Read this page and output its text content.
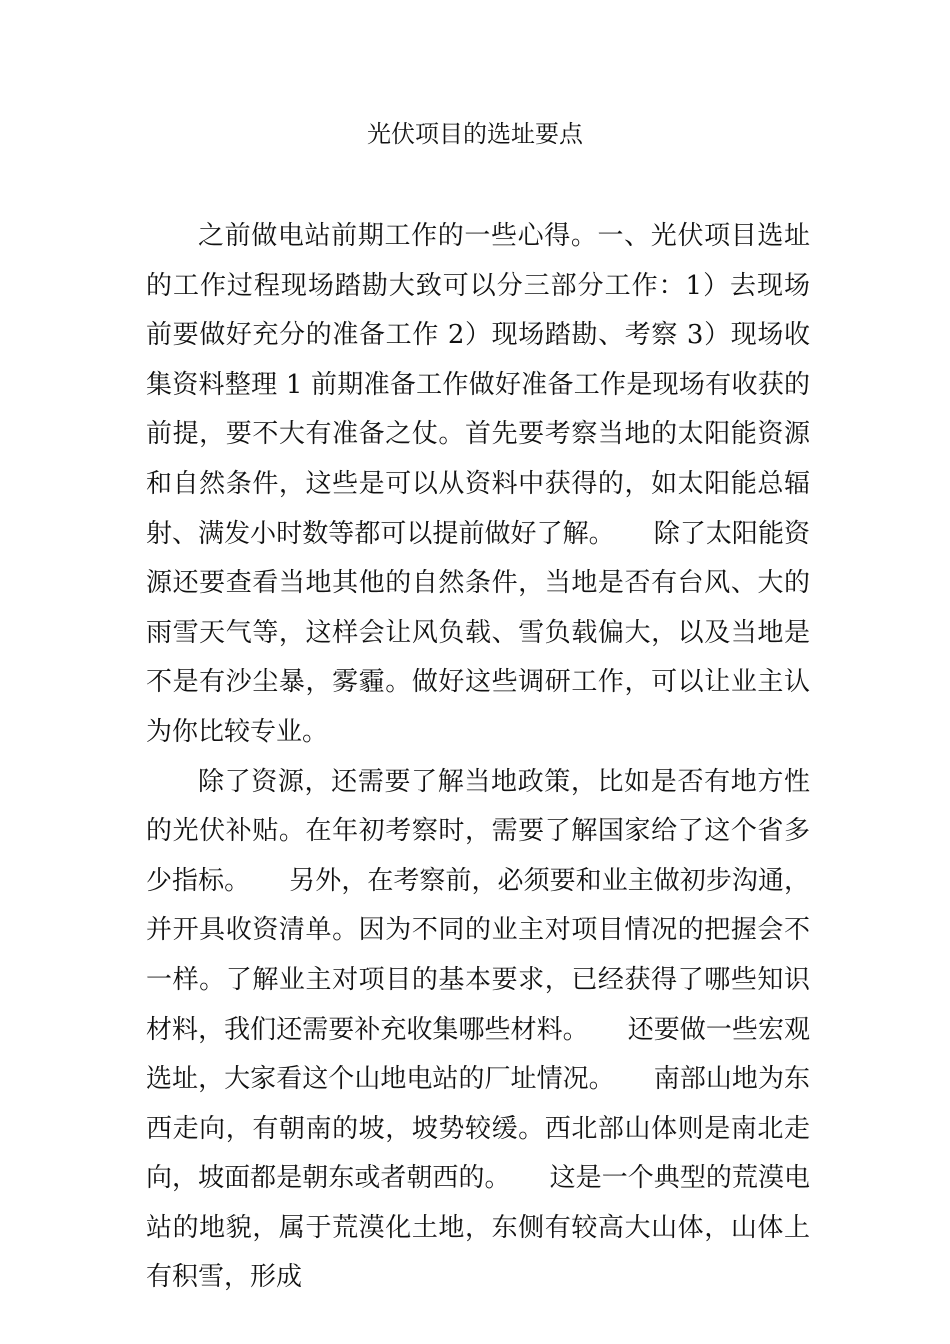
光伏项目的选址要点

之前做电站前期工作的一些心得。一、光伏项目选址的工作过程现场踏勘大致可以分三部分工作：1）去现场前要做好充分的准备工作 2）现场踏勘、考察 3）现场收集资料整理 1 前期准备工作做好准备工作是现场有收获的前提，要不大有准备之仗。首先要考察当地的太阳能资源和自然条件，这些是可以从资料中获得的，如太阳能总辐射、满发小时数等都可以提前做好了解。　　除了太阳能资源还要查看当地其他的自然条件，当地是否有台风、大的雨雪天气等，这样会让风负载、雪负载偏大，以及当地是不是有沙尘暴，雾霾。做好这些调研工作，可以让业主认为你比较专业。

除了资源，还需要了解当地政策，比如是否有地方性的光伏补贴。在年初考察时，需要了解国家给了这个省多少指标。　　另外，在考察前，必须要和业主做初步沟通，并开具收资清单。因为不同的业主对项目情况的把握会不一样。了解业主对项目的基本要求，已经获得了哪些知识材料，我们还需要补充收集哪些材料。　　还要做一些宏观选址，大家看这个山地电站的厂址情况。　　南部山地为东西走向，有朝南的坡，坡势较缓。西北部山体则是南北走向，坡面都是朝东或者朝西的。　　这是一个典型的荒漠电站的地貌，属于荒漠化土地，东侧有较高大山体，山体上有积雪，形成
